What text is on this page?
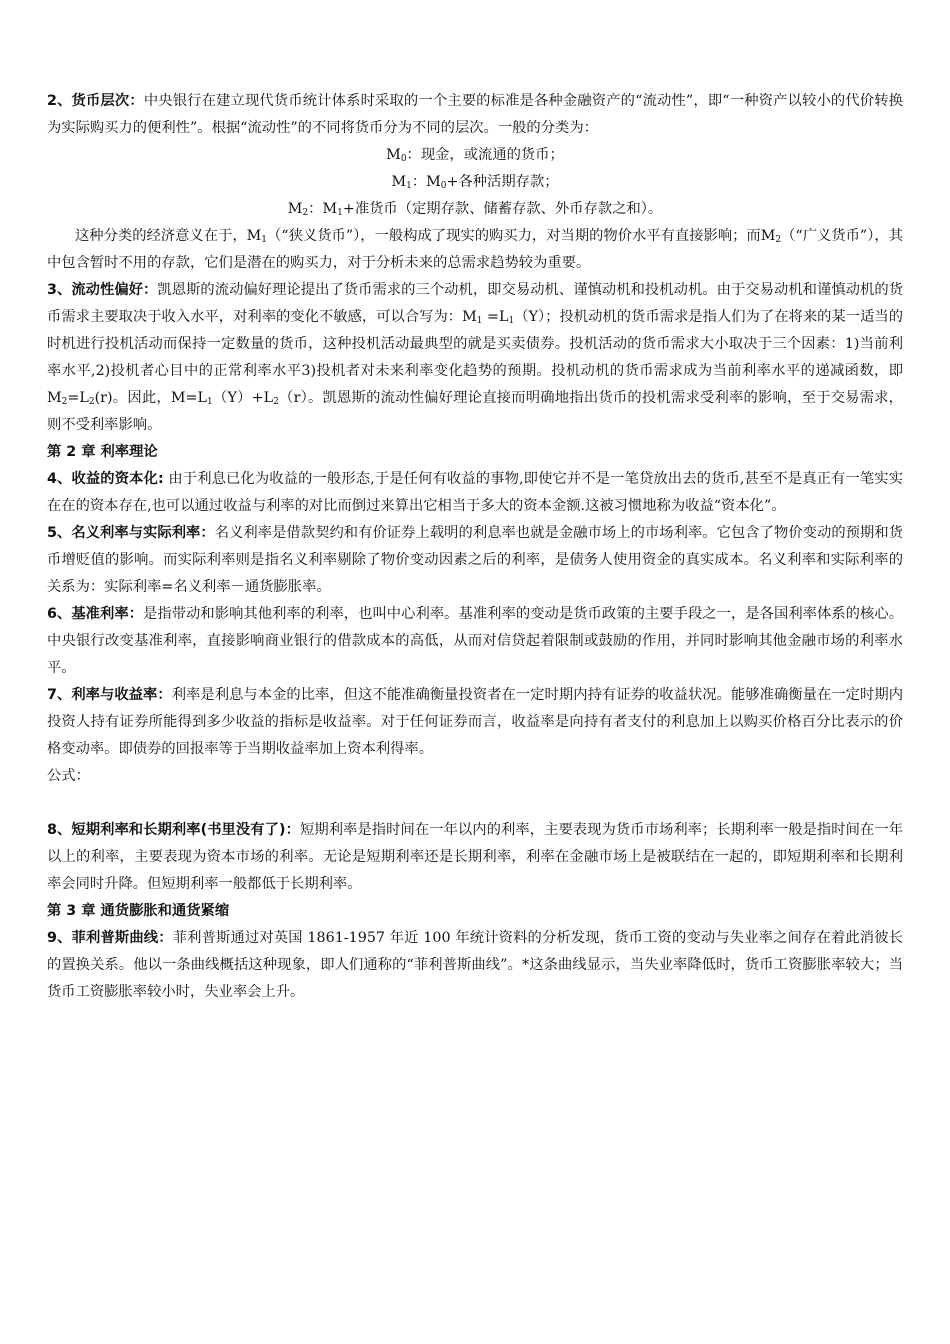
2、货币层次：中央银行在建立现代货币统计体系时采取的一个主要的标准是各种金融资产的“流动性”，即“一种资产以较小的代价转换为实际购买力的便利性”。根据“流动性”的不同将货币分为不同的层次。一般的分类为：

$M_0$：现金，或流通的货币；

$M_1$：$M_0+$各种活期存款；

$M_2$：$M_1+$准货币（定期存款、储蓄存款、外币存款之和）。

这种分类的经济意义在于，$M_1(“$狭义货币”），一般构成了现实的购买力，对当期的物价水平有直接影响；而$M_2(“$广义货币”），其中包含暂时不用的存款，它们是潜在的购买力，对于分析未来的总需求趋势较为重要。

3、流动性偏好：凯恩斯的流动偏好理论提出了货币需求的三个动机，即交易动机、谨慎动机和投机动机。由于交易动机和谨慎动机的货币需求主要取决于收入水平，对利率的变化不敏感，可以合写为：$M_1 =L_1(Y)$；投机动机的货币需求是指人们为了在将来的某一适当的时机进行投机活动而保持一定数量的货币，这种投机活动最典型的就是买卖债券。投机活动的货币需求大小取决于三个因素：1)当前利率水平,2)投机者心目中的正常利率水平3)投机者对未来利率变化趋势的预期。投机动机的货币需求成为当前利率水平的递减函数，即$M_2=L_2(r)$。因此，$M=L_1(Y)+L_2(r)$。凯恩斯的流动性偏好理论直接而明确地指出货币的投机需求受利率的影响，至于交易需求，则不受利率影响。

第 2 章 利率理论

4、收益的资本化: 由于利息已化为收益的一般形态,于是任何有收益的事物,即使它并不是一笔贷放出去的货币,甚至不是真正有一笔实实在在的资本存在,也可以通过收益与利率的对比而倒过来算出它相当于多大的资本金额.这被习惯地称为收益“资本化”。

5、名义利率与实际利率：名义利率是借款契约和有价证券上载明的利息率也就是金融市场上的市场利率。它包含了物价变动的预期和货币增贬值的影响。而实际利率则是指名义利率剔除了物价变动因素之后的利率，是债务人使用资金的真实成本。名义利率和实际利率的关系为：实际利率=名义利率－通货膨胀率。

6、基准利率：是指带动和影响其他利率的利率，也叫中心利率。基准利率的变动是货币政策的主要手段之一，是各国利率体系的核心。中央银行改变基准利率，直接影响商业银行的借款成本的高低，从而对信贷起着限制或鼓励的作用，并同时影响其他金融市场的利率水平。

7、利率与收益率：利率是利息与本金的比率，但这不能准确衡量投资者在一定时期内持有证券的收益状况。能够准确衡量在一定时期内投资人持有证券所能得到多少收益的指标是收益率。对于任何证券而言，收益率是向持有者支付的利息加上以购买价格百分比表示的价格变动率。即债券的回报率等于当期收益率加上资本利得率。

公式：

8、短期利率和长期利率(书里没有了)：短期利率是指时间在一年以内的利率，主要表现为货币市场利率；长期利率一般是指时间在一年以上的利率，主要表现为资本市场的利率。无论是短期利率还是长期利率，利率在金融市场上是被联结在一起的，即短期利率和长期利率会同时升降。但短期利率一般都低于长期利率。

第 3 章 通货膨胀和通货紧缩

9、菲利普斯曲线：菲利普斯通过对英国 1861-1957 年近 100 年统计资料的分析发现，货币工资的变动与失业率之间存在着此消彼长的置换关系。他以一条曲线概括这种现象，即人们通称的“菲利普斯曲线”。*这条曲线显示，当失业率降低时，货币工资膨胀率较大；当货币工资膨胀率较小时，失业率会上升。
